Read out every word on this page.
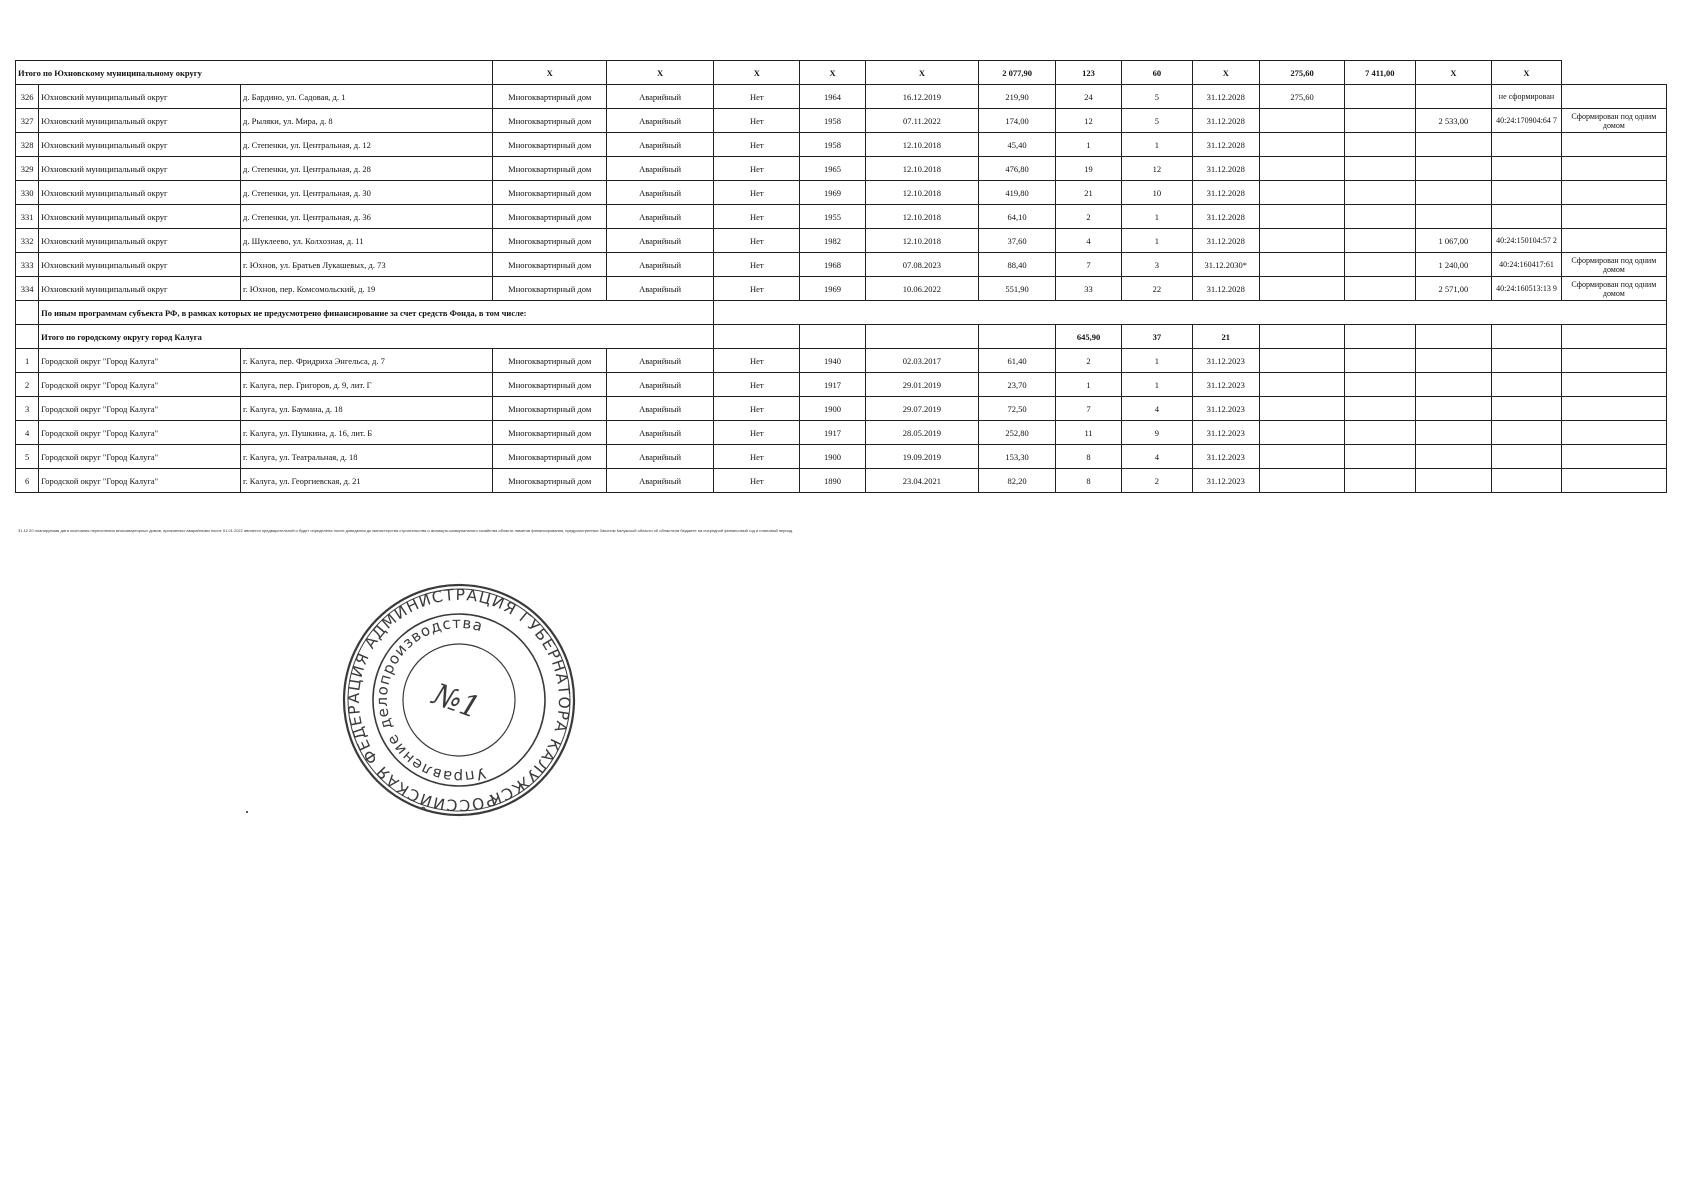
Итого по Юхновскому муниципальному округу			X	X	X	X	X	2 077,90	123	60	X	275,60	7 411,00	X	X	
326	Юхновский муниципальный округ	д. Бардино, ул. Садовая, д. 1	Многоквартирный дом	Аварийный	Нет	1964	16.12.2019	219,90	24	5	31.12.2028	275,60			не сформирован	
327	Юхновский муниципальный округ	д. Рыляки, ул. Мира, д. 8	Многоквартирный дом	Аварийный	Нет	1958	07.11.2022	174,00	12	5	31.12.2028			2 533,00	40:24:170904:64 7	Сформирован под одним домом
328	Юхновский муниципальный округ	д. Степенки, ул. Центральная, д. 12	Многоквартирный дом	Аварийный	Нет	1958	12.10.2018	45,40	1	1	31.12.2028					
329	Юхновский муниципальный округ	д. Степенки, ул. Центральная, д. 28	Многоквартирный дом	Аварийный	Нет	1965	12.10.2018	476,80	19	12	31.12.2028					
330	Юхновский муниципальный округ	д. Степенки, ул. Центральная, д. 30	Многоквартирный дом	Аварийный	Нет	1969	12.10.2018	419,80	21	10	31.12.2028					
331	Юхновский муниципальный округ	д. Степенки, ул. Центральная, д. 36	Многоквартирный дом	Аварийный	Нет	1955	12.10.2018	64,10	2	1	31.12.2028					
332	Юхновский муниципальный округ	д. Шуклеево, ул. Колхозная, д. 11	Многоквартирный дом	Аварийный	Нет	1982	12.10.2018	37,60	4	1	31.12.2028			1 067,00	40:24:150104:57 2	
333	Юхновский муниципальный округ	г. Юхнов, ул. Братьев Лукашевых, д. 73	Многоквартирный дом	Аварийный	Нет	1968	07.08.2023	88,40	7	3	31.12.2030*			1 240,00	40:24:160417:61	Сформирован под одним домом
334	Юхновский муниципальный округ	г. Юхнов, пер. Комсомольский, д. 19	Многоквартирный дом	Аварийный	Нет	1969	10.06.2022	551,90	33	22	31.12.2028			2 571,00	40:24:160513:13 9	Сформирован под одним домом
	По иным программам субъекта РФ, в рамках которых не предусмотрено финансирование за счет средств Фонда, в том числе:															
	Итого по городскому округу город Калуга								645,90	37	21					
1	Городской округ "Город Калуга"	г. Калуга, пер. Фридриха Энгельса, д. 7	Многоквартирный дом	Аварийный	Нет	1940	02.03.2017	61,40	2	1	31.12.2023					
2	Городской округ "Город Калуга"	г. Калуга, пер. Григоров, д. 9, лит. Г	Многоквартирный дом	Аварийный	Нет	1917	29.01.2019	23,70	1	1	31.12.2023					
3	Городской округ "Город Калуга"	г. Калуга, ул. Баумана, д. 18	Многоквартирный дом	Аварийный	Нет	1900	29.07.2019	72,50	7	4	31.12.2023					
4	Городской округ "Город Калуга"	г. Калуга, ул. Пушкина, д. 16, лит. Б	Многоквартирный дом	Аварийный	Нет	1917	28.05.2019	252,80	11	9	31.12.2023					
5	Городской округ "Город Калуга"	г. Калуга, ул. Театральная, д. 18	Многоквартирный дом	Аварийный	Нет	1900	19.09.2019	153,30	8	4	31.12.2023					
6	Городской округ "Город Калуга"	г. Калуга, ул. Георгиевская, д. 21	Многоквартирный дом	Аварийный	Нет	1890	23.04.2021	82,20	8	2	31.12.2023					
31.12.20 планируемая дата окончания переселения многоквартирных домов, признанных аварийными после 01.01.2022 является предварительной и будет определена после доведения до министерства строительства и жилищно-коммунального хозяйства области лимитов финансирования, предусмотренных Законом Калужской области об областном бюджете на очередной финансовый год и плановый период.
РОССИЙСКАЯ ФЕДЕРАЦИЯ АДМИНИСТРАЦИЯ ГУБЕРНАТОРА КАЛУЖСКОЙ
Управление делопроизводства
№1
